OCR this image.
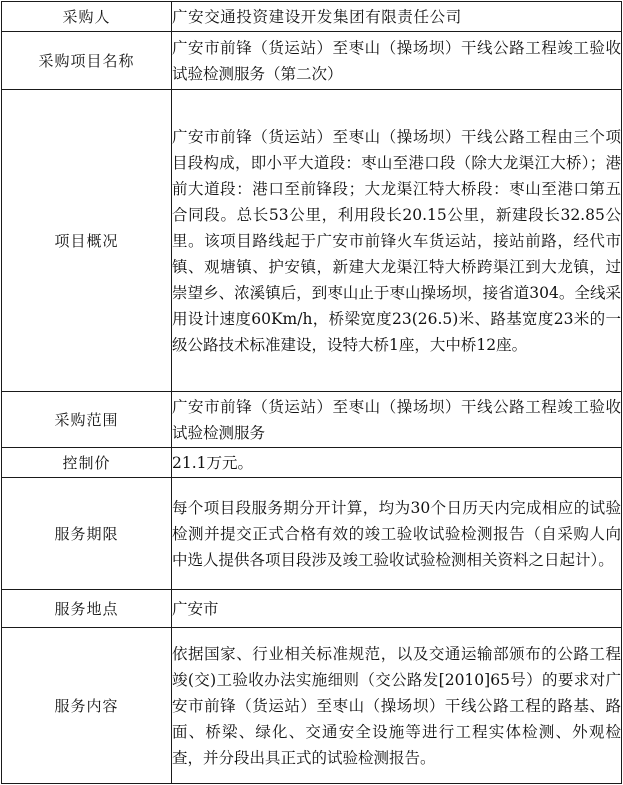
采购人	广安交通投资建设开发集团有限责任公司
采购项目名称	广安市前锋（货运站）至枣山（操场坝）干线公路工程竣工验收试验检测服务（第二次）
项目概况	广安市前锋（货运站）至枣山（操场坝）干线公路工程由三个项目段构成，即小平大道段：枣山至港口段（除大龙渠江大桥）；港前大道段：港口至前锋段；大龙渠江特大桥段：枣山至港口第五合同段。总长53公里，利用段长20.15公里，新建段长32.85公里。该项目路线起于广安市前锋火车货运站，接站前路，经代市镇、观塘镇、护安镇，新建大龙渠江特大桥跨渠江到大龙镇，过崇望乡、浓溪镇后，到枣山止于枣山操场坝，接省道304。全线采用设计速度60Km/h，桥梁宽度23(26.5)米、路基宽度23米的一级公路技术标准建设，设特大桥1座，大中桥12座。
采购范围	广安市前锋（货运站）至枣山（操场坝）干线公路工程竣工验收试验检测服务
控制价	21.1万元。
服务期限	每个项目段服务期分开计算，均为30个日历天内完成相应的试验检测并提交正式合格有效的竣工验收试验检测报告（自采购人向中选人提供各项目段涉及竣工验收试验检测相关资料之日起计）。
服务地点	广安市
服务内容	依据国家、行业相关标准规范，以及交通运输部颁布的公路工程竣(交)工验收办法实施细则（交公路发[2010]65号）的要求对广安市前锋（货运站）至枣山（操场坝）干线公路工程的路基、路面、桥梁、绿化、交通安全设施等进行工程实体检测、外观检查，并分段出具正式的试验检测报告。
